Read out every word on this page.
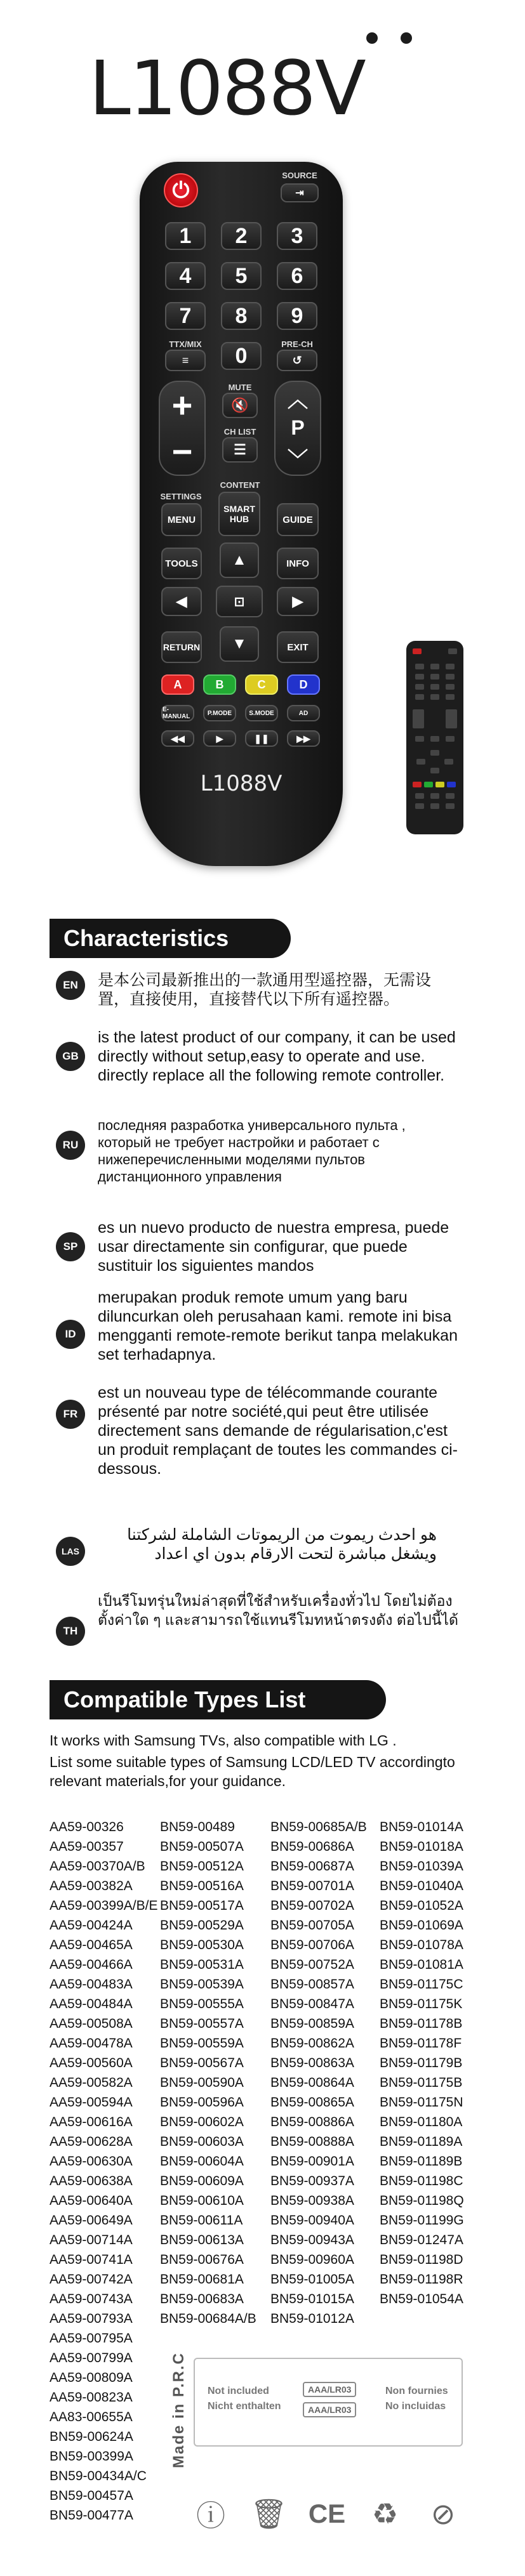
L1088V
⏻
SOURCE
⇥
1	2	3
4	5	6
7	8	9
TTX/MIX
≡	0	PRE-CH
↺
+
−
MUTE
🔇
CH LIST
☰
︿
P
﹀
CONTENT
SETTINGS
MENU
SMART HUB	GUIDE
TOOLS	INFO
▲
◀	⊡	▶
▼
RETURN	EXIT
A	B	C	D
E-MANUAL	P.MODE	S.MODE	AD
◀◀	▶	❚❚	▶▶
L1088V
Characteristics
EN	是本公司最新推出的一款通用型遥控器，无需设置，直接使用，直接替代以下所有遥控器。

GB

is the latest product of our company, it can be used directly without setup,easy to operate and use. directly replace all the following remote controller.

RU

последняя разработка универсального пульта , который не требует настройки и работает с нижеперечисленными моделями пультов дистанционного управления

SP

es un nuevo producto de nuestra empresa, puede usar directamente sin configurar, que puede sustituir los siguientes mandos

ID

merupakan produk remote umum yang baru diluncurkan oleh perusahaan kami. remote ini bisa mengganti remote-remote berikut tanpa melakukan set terhadapnya.

FR

est un nouveau type de télécommande courante présenté par notre société,qui peut être utilisée directement sans demande de régularisation,c'est un produit remplaçant de toutes les commandes ci-dessous.

LAS

هو احدث ريموت من الريموتات الشاملة لشركتنا ويشغل مباشرة لتحت الارقام بدون اي اعداد

TH

เป็นรีโมทรุ่นใหม่ล่าสุดที่ใช้สำหรับเครื่องทั่วไป โดยไม่ต้องตั้งค่าใด ๆ และสามารถใช้แทนรีโมทหน้าตรงดัง ต่อไปนี้ได้

Compatible Types List
It works with Samsung TVs, also compatible with LG .
List some suitable types of Samsung LCD/LED TV accordingto relevant materials,for your guidance.
AA59-00326
AA59-00357
AA59-00370A/B
AA59-00382A
AA59-00399A/B/E
AA59-00424A
AA59-00465A
AA59-00466A
AA59-00483A
AA59-00484A
AA59-00508A
AA59-00478A
AA59-00560A
AA59-00582A
AA59-00594A
AA59-00616A
AA59-00628A
AA59-00630A
AA59-00638A
AA59-00640A
AA59-00649A
AA59-00714A
AA59-00741A
AA59-00742A
AA59-00743A
AA59-00793A
AA59-00795A
AA59-00799A
AA59-00809A
AA59-00823A
AA83-00655A
BN59-00624A
BN59-00399A
BN59-00434A/C
BN59-00457A
BN59-00477A
BN59-00489
BN59-00507A
BN59-00512A
BN59-00516A
BN59-00517A
BN59-00529A
BN59-00530A
BN59-00531A
BN59-00539A
BN59-00555A
BN59-00557A
BN59-00559A
BN59-00567A
BN59-00590A
BN59-00596A
BN59-00602A
BN59-00603A
BN59-00604A
BN59-00609A
BN59-00610A
BN59-00611A
BN59-00613A
BN59-00676A
BN59-00681A
BN59-00683A
BN59-00684A/B
BN59-00685A/B
BN59-00686A
BN59-00687A
BN59-00701A
BN59-00702A
BN59-00705A
BN59-00706A
BN59-00752A
BN59-00857A
BN59-00847A
BN59-00859A
BN59-00862A
BN59-00863A
BN59-00864A
BN59-00865A
BN59-00886A
BN59-00888A
BN59-00901A
BN59-00937A
BN59-00938A
BN59-00940A
BN59-00943A
BN59-00960A
BN59-01005A
BN59-01015A
BN59-01012A
BN59-01014A
BN59-01018A
BN59-01039A
BN59-01040A
BN59-01052A
BN59-01069A
BN59-01078A
BN59-01081A
BN59-01175C
BN59-01175K
BN59-01178B
BN59-01178F
BN59-01179B
BN59-01175B
BN59-01175N
BN59-01180A
BN59-01189A
BN59-01189B
BN59-01198C
BN59-01198Q
BN59-01199G
BN59-01247A
BN59-01198D
BN59-01198R
BN59-01054A
Made in P.R.C Not included
Nicht enthalten
AAA/LR03
AAA/LR03
Non fournies
No incluidas
ⓘ 🗑 CE ♻ ⊘
